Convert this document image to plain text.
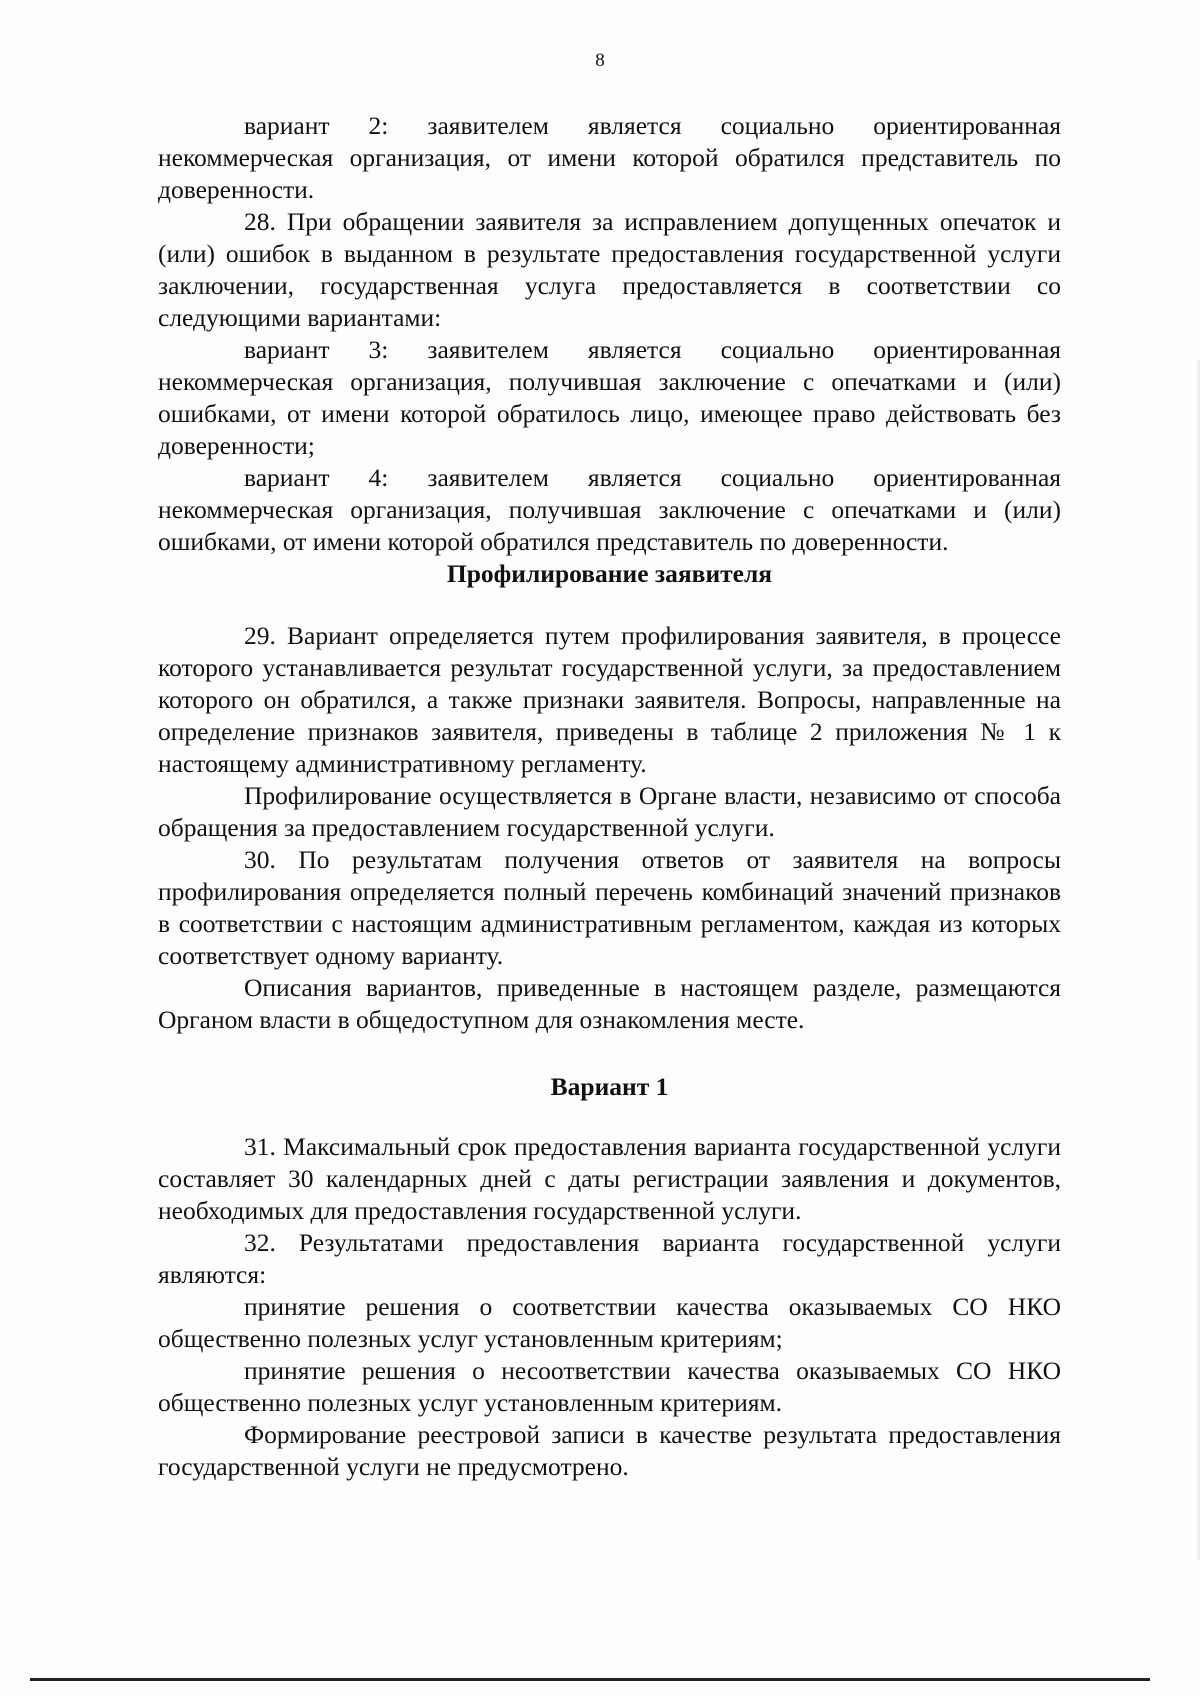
8

вариант 2: заявителем является социально ориентированная некоммерческая организация, от имени которой обратился представитель по доверенности.

28. При обращении заявителя за исправлением допущенных опечаток и (или) ошибок в выданном в результате предоставления государственной услуги заключении, государственная услуга предоставляется в соответствии со следующими вариантами:

вариант 3: заявителем является социально ориентированная некоммерческая организация, получившая заключение с опечатками и (или) ошибками, от имени которой обратилось лицо, имеющее право действовать без доверенности;

вариант 4: заявителем является социально ориентированная некоммерческая организация, получившая заключение с опечатками и (или) ошибками, от имени которой обратился представитель по доверенности.

Профилирование заявителя

29. Вариант определяется путем профилирования заявителя, в процессе которого устанавливается результат государственной услуги, за предоставлением которого он обратился, а также признаки заявителя. Вопросы, направленные на определение признаков заявителя, приведены в таблице 2 приложения № 1 к настоящему административному регламенту.

Профилирование осуществляется в Органе власти, независимо от способа обращения за предоставлением государственной услуги.

30. По результатам получения ответов от заявителя на вопросы профилирования определяется полный перечень комбинаций значений признаков в соответствии с настоящим административным регламентом, каждая из которых соответствует одному варианту.

Описания вариантов, приведенные в настоящем разделе, размещаются Органом власти в общедоступном для ознакомления месте.

Вариант 1

31. Максимальный срок предоставления варианта государственной услуги составляет 30 календарных дней с даты регистрации заявления и документов, необходимых для предоставления государственной услуги.

32. Результатами предоставления варианта государственной услуги являются:

принятие решения о соответствии качества оказываемых СО НКО общественно полезных услуг установленным критериям;

принятие решения о несоответствии качества оказываемых СО НКО общественно полезных услуг установленным критериям.

Формирование реестровой записи в качестве результата предоставления государственной услуги не предусмотрено.
